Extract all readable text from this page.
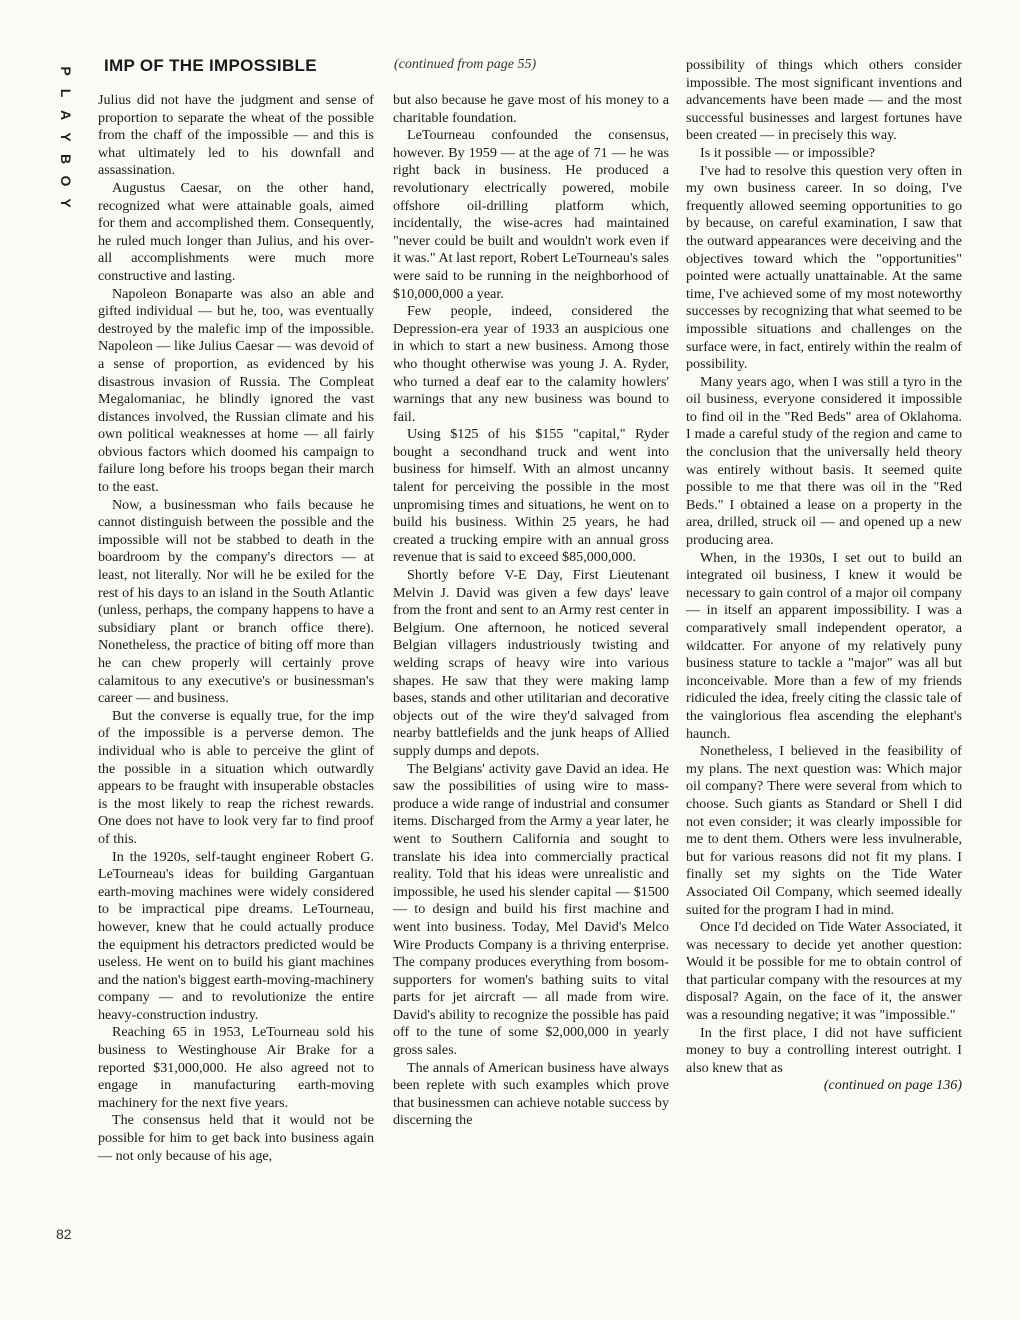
P
L
A
Y
B
O
Y
IMP OF THE IMPOSSIBLE	(continued from page 55)

Julius did not have the judgment and sense of proportion to separate the wheat of the possible from the chaff of the impossible — and this is what ultimately led to his downfall and assassination.

Augustus Caesar, on the other hand, recognized what were attainable goals, aimed for them and accomplished them. Consequently, he ruled much longer than Julius, and his over-all accomplishments were much more constructive and lasting.

Napoleon Bonaparte was also an able and gifted individual — but he, too, was eventually destroyed by the malefic imp of the impossible. Napoleon — like Julius Caesar — was devoid of a sense of proportion, as evidenced by his disastrous invasion of Russia. The Compleat Megalomaniac, he blindly ignored the vast distances involved, the Russian climate and his own political weaknesses at home — all fairly obvious factors which doomed his campaign to failure long before his troops began their march to the east.

Now, a businessman who fails because he cannot distinguish between the possible and the impossible will not be stabbed to death in the boardroom by the company's directors — at least, not literally. Nor will he be exiled for the rest of his days to an island in the South Atlantic (unless, perhaps, the company happens to have a subsidiary plant or branch office there). Nonetheless, the practice of biting off more than he can chew properly will certainly prove calamitous to any executive's or businessman's career — and business.

But the converse is equally true, for the imp of the impossible is a perverse demon. The individual who is able to perceive the glint of the possible in a situation which outwardly appears to be fraught with insuperable obstacles is the most likely to reap the richest rewards. One does not have to look very far to find proof of this.

In the 1920s, self-taught engineer Robert G. LeTourneau's ideas for building Gargantuan earth-moving machines were widely considered to be impractical pipe dreams. LeTourneau, however, knew that he could actually produce the equipment his detractors predicted would be useless. He went on to build his giant machines and the nation's biggest earth-moving-machinery company — and to revolutionize the entire heavy-construction industry.

Reaching 65 in 1953, LeTourneau sold his business to Westinghouse Air Brake for a reported $31,000,000. He also agreed not to engage in manufacturing earth-moving machinery for the next five years.

The consensus held that it would not be possible for him to get back into business again — not only because of his age,

but also because he gave most of his money to a charitable foundation.

LeTourneau confounded the consensus, however. By 1959 — at the age of 71 — he was right back in business. He produced a revolutionary electrically powered, mobile offshore oil-drilling platform which, incidentally, the wise-acres had maintained "never could be built and wouldn't work even if it was." At last report, Robert LeTourneau's sales were said to be running in the neighborhood of $10,000,000 a year.

Few people, indeed, considered the Depression-era year of 1933 an auspicious one in which to start a new business. Among those who thought otherwise was young J. A. Ryder, who turned a deaf ear to the calamity howlers' warnings that any new business was bound to fail.

Using $125 of his $155 "capital," Ryder bought a secondhand truck and went into business for himself. With an almost uncanny talent for perceiving the possible in the most unpromising times and situations, he went on to build his business. Within 25 years, he had created a trucking empire with an annual gross revenue that is said to exceed $85,000,000.

Shortly before V-E Day, First Lieutenant Melvin J. David was given a few days' leave from the front and sent to an Army rest center in Belgium. One afternoon, he noticed several Belgian villagers industriously twisting and welding scraps of heavy wire into various shapes. He saw that they were making lamp bases, stands and other utilitarian and decorative objects out of the wire they'd salvaged from nearby battlefields and the junk heaps of Allied supply dumps and depots.

The Belgians' activity gave David an idea. He saw the possibilities of using wire to mass-produce a wide range of industrial and consumer items. Discharged from the Army a year later, he went to Southern California and sought to translate his idea into commercially practical reality. Told that his ideas were unrealistic and impossible, he used his slender capital — $1500 — to design and build his first machine and went into business. Today, Mel David's Melco Wire Products Company is a thriving enterprise. The company produces everything from bosom-supporters for women's bathing suits to vital parts for jet aircraft — all made from wire. David's ability to recognize the possible has paid off to the tune of some $2,000,000 in yearly gross sales.

The annals of American business have always been replete with such examples which prove that businessmen can achieve notable success by discerning the

possibility of things which others consider impossible. The most significant inventions and advancements have been made — and the most successful businesses and largest fortunes have been created — in precisely this way.

Is it possible — or impossible?

I've had to resolve this question very often in my own business career. In so doing, I've frequently allowed seeming opportunities to go by because, on careful examination, I saw that the outward appearances were deceiving and the objectives toward which the "opportunities" pointed were actually unattainable. At the same time, I've achieved some of my most noteworthy successes by recognizing that what seemed to be impossible situations and challenges on the surface were, in fact, entirely within the realm of possibility.

Many years ago, when I was still a tyro in the oil business, everyone considered it impossible to find oil in the "Red Beds" area of Oklahoma. I made a careful study of the region and came to the conclusion that the universally held theory was entirely without basis. It seemed quite possible to me that there was oil in the "Red Beds." I obtained a lease on a property in the area, drilled, struck oil — and opened up a new producing area.

When, in the 1930s, I set out to build an integrated oil business, I knew it would be necessary to gain control of a major oil company — in itself an apparent impossibility. I was a comparatively small independent operator, a wildcatter. For anyone of my relatively puny business stature to tackle a "major" was all but inconceivable. More than a few of my friends ridiculed the idea, freely citing the classic tale of the vainglorious flea ascending the elephant's haunch.

Nonetheless, I believed in the feasibility of my plans. The next question was: Which major oil company? There were several from which to choose. Such giants as Standard or Shell I did not even consider; it was clearly impossible for me to dent them. Others were less invulnerable, but for various reasons did not fit my plans. I finally set my sights on the Tide Water Associated Oil Company, which seemed ideally suited for the program I had in mind.

Once I'd decided on Tide Water Associated, it was necessary to decide yet another question: Would it be possible for me to obtain control of that particular company with the resources at my disposal? Again, on the face of it, the answer was a resounding negative; it was "impossible."

In the first place, I did not have sufficient money to buy a controlling interest outright. I also knew that as

(continued on page 136)
82
